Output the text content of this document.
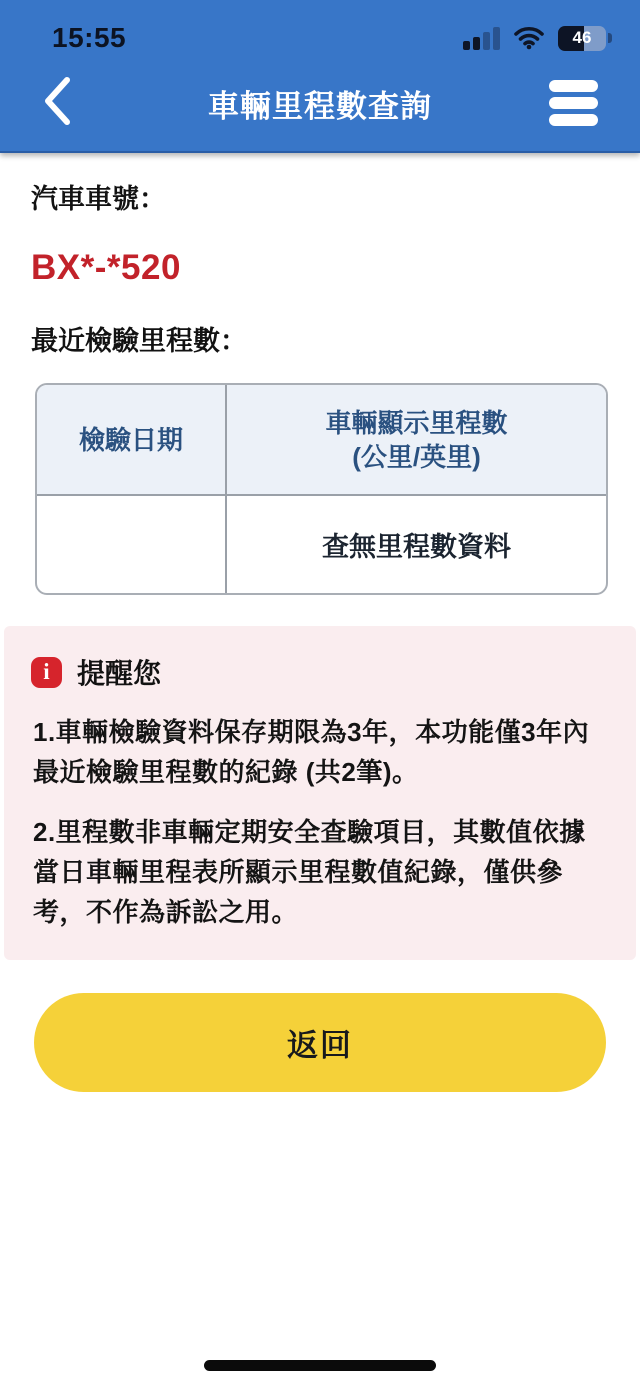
15:55	46
車輛里程數查詢
汽車車號：
BX*-*520
最近檢驗里程數：
檢驗日期
車輛顯示里程數
(公里/英里)
查無里程數資料
i 提醒您

1.車輛檢驗資料保存期限為3年，本功能僅3年內最近檢驗里程數的紀錄 (共2筆)。

2.里程數非車輛定期安全查驗項目，其數值依據當日車輛里程表所顯示里程數值紀錄，僅供參考，不作為訴訟之用。

返回
